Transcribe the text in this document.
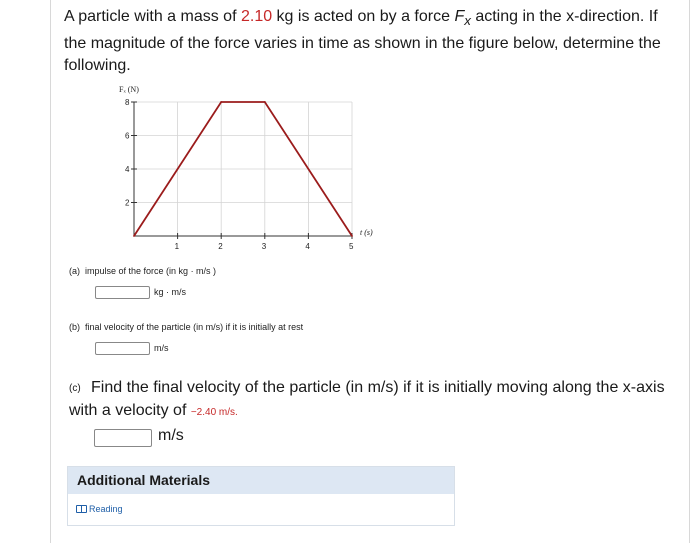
A particle with a mass of 2.10 kg is acted on by a force $F_x$ acting in the x-direction. If the magnitude of the force varies in time as shown in the figure below, determine the following.
1	2	3	4	5
2
4
6
8
Fₓ (N)
t (s)
(a) impulse of the force (in kg · m/s )
kg · m/s
(b) final velocity of the particle (in m/s) if it is initially at rest
m/s
(c) Find the final velocity of the particle (in m/s) if it is initially moving along the x-axis with a velocity of −2.40 m/s.
m/s
Additional Materials
Reading
